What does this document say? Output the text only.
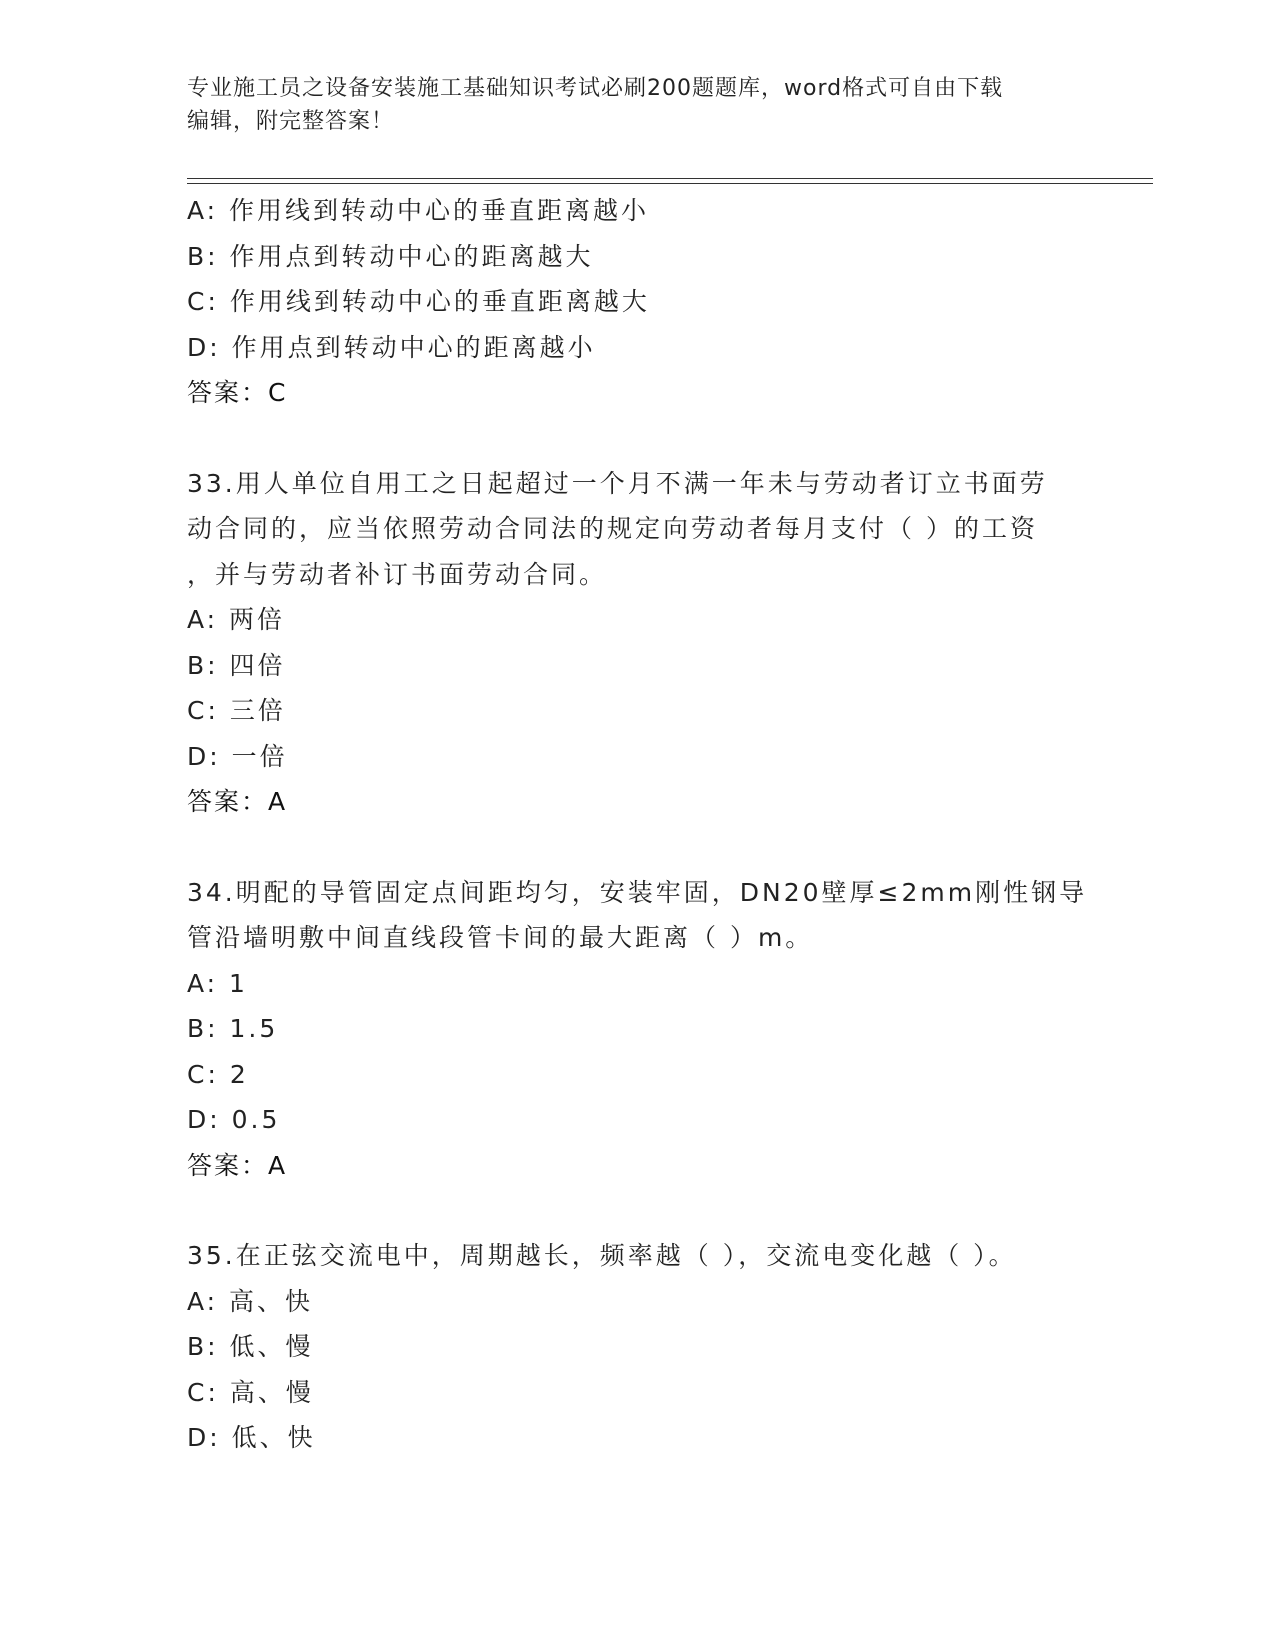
专业施工员之设备安装施工基础知识考试必刷200题题库，word格式可自由下载
编辑，附完整答案！
A: 作用线到转动中心的垂直距离越小
B: 作用点到转动中心的距离越大
C: 作用线到转动中心的垂直距离越大
D: 作用点到转动中心的距离越小
答案：C
33.用人单位自用工之日起超过一个月不满一年未与劳动者订立书面劳
动合同的，应当依照劳动合同法的规定向劳动者每月支付（ ）的工资
，并与劳动者补订书面劳动合同。
A: 两倍
B: 四倍
C: 三倍
D: 一倍
答案：A
34.明配的导管固定点间距均匀，安装牢固，DN20壁厚≤2mm刚性钢导
管沿墙明敷中间直线段管卡间的最大距离（ ）m。
A: 1
B: 1.5
C: 2
D: 0.5
答案：A
35.在正弦交流电中，周期越长，频率越（ ），交流电变化越（ ）。
A: 高、快
B: 低、慢
C: 高、慢
D: 低、快
